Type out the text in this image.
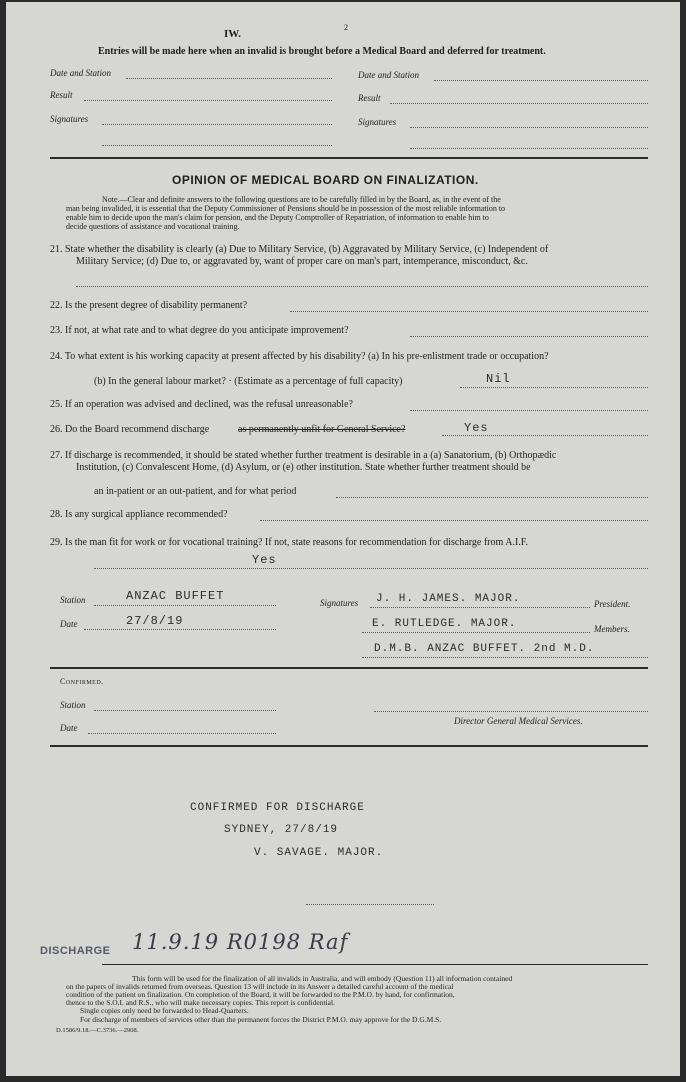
IW.
2
Entries will be made here when an invalid is brought before a Medical Board and deferred for treatment.
Date and Station	Date and Station
Result	Result
Signatures	Signatures
OPINION OF MEDICAL BOARD ON FINALIZATION.
Note.—Clear and definite answers to the following questions are to be carefully filled in by the Board, as, in the event of the
man being invalided, it is essential that the Deputy Commissioner of Pensions should be in possession of the most reliable information to
enable him to decide upon the man's claim for pension, and the Deputy Comptroller of Repatriation, of information to enable him to
decide questions of assistance and vocational training.
21. State whether the disability is clearly (a) Due to Military Service, (b) Aggravated by Military Service, (c) Independent of
Military Service; (d) Due to, or aggravated by, want of proper care on man's part, intemperance, misconduct, &c.
22. Is the present degree of disability permanent?
23. If not, at what rate and to what degree do you anticipate improvement?
24. To what extent is his working capacity at present affected by his disability? (a) In his pre-enlistment trade or occupation?
(b) In the general labour market? · (Estimate as a percentage of full capacity)	Nil
25. If an operation was advised and declined, was the refusal unreasonable?
26. Do the Board recommend discharge	as permanently unfit for General Service?	Yes
27. If discharge is recommended, it should be stated whether further treatment is desirable in a (a) Sanatorium, (b) Orthopædic
Institution, (c) Convalescent Home, (d) Asylum, or (e) other institution. State whether further treatment should be
an in-patient or an out-patient, and for what period
28. Is any surgical appliance recommended?
29. Is the man fit for work or for vocational training? If not, state reasons for recommendation for discharge from A.I.F.
Yes
Station	ANZAC BUFFET
Date	27/8/19
Signatures J. H. JAMES. MAJOR.	President.
E. RUTLEDGE. MAJOR.	Members.
D.M.B. ANZAC BUFFET. 2nd M.D.
Confirmed.
Station
Date
Director General Medical Services.
CONFIRMED FOR DISCHARGE
SYDNEY, 27/8/19
V. SAVAGE. MAJOR.
DISCHARGE 11.9.19 R0198 Raf
This form will be used for the finalization of all invalids in Australia, and will embody (Question 11) all information contained
on the papers of invalids returned from overseas. Question 13 will include in its Answer a detailed careful account of the medical
condition of the patient on finalization. On completion of the Board, it will be forwarded to the P.M.O. by hand, for confirmation,
thence to the S.O.I. and R.S., who will make necessary copies. This report is confidential.
Single copies only need be forwarded to Head-Quarters.
For discharge of members of services other than the permanent forces the District P.M.O. may approve for the D.G.M.S.
D.1586/9.18.—C.3736.—2908.
